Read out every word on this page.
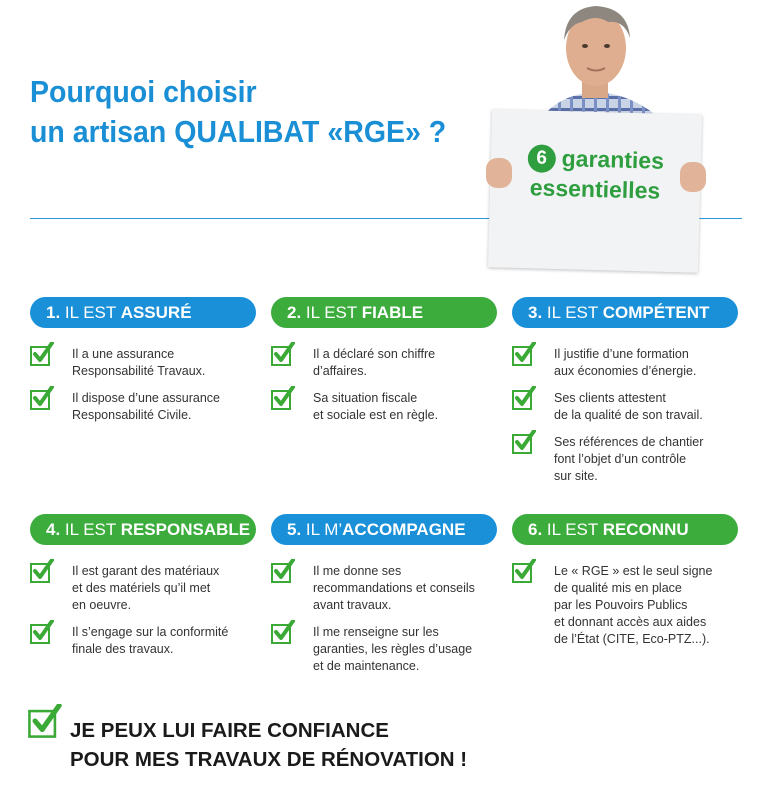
Pourquoi choisir
un artisan QUALIBAT «RGE» ?
6 garanties
essentielles
1. IL EST ASSURÉ
Il a une assurance
Responsabilité Travaux.
Il dispose d’une assurance
Responsabilité Civile.
2. IL EST FIABLE
Il a déclaré son chiffre
d’affaires.
Sa situation fiscale
et sociale est en règle.
3. IL EST COMPÉTENT
Il justifie d’une formation
aux économies d’énergie.
Ses clients attestent
de la qualité de son travail.
Ses références de chantier
font l’objet d’un contrôle
sur site.
4. IL EST RESPONSABLE
Il est garant des matériaux
et des matériels qu’il met
en oeuvre.
Il s’engage sur la conformité
finale des travaux.
5. IL M’ACCOMPAGNE
Il me donne ses
recommandations et conseils
avant travaux.
Il me renseigne sur les
garanties, les règles d’usage
et de maintenance.
6. IL EST RECONNU
Le « RGE » est le seul signe
de qualité mis en place
par les Pouvoirs Publics
et donnant accès aux aides
de l’État (CITE, Eco-PTZ...).

JE PEUX LUI FAIRE CONFIANCE
POUR MES TRAVAUX DE RÉNOVATION !
